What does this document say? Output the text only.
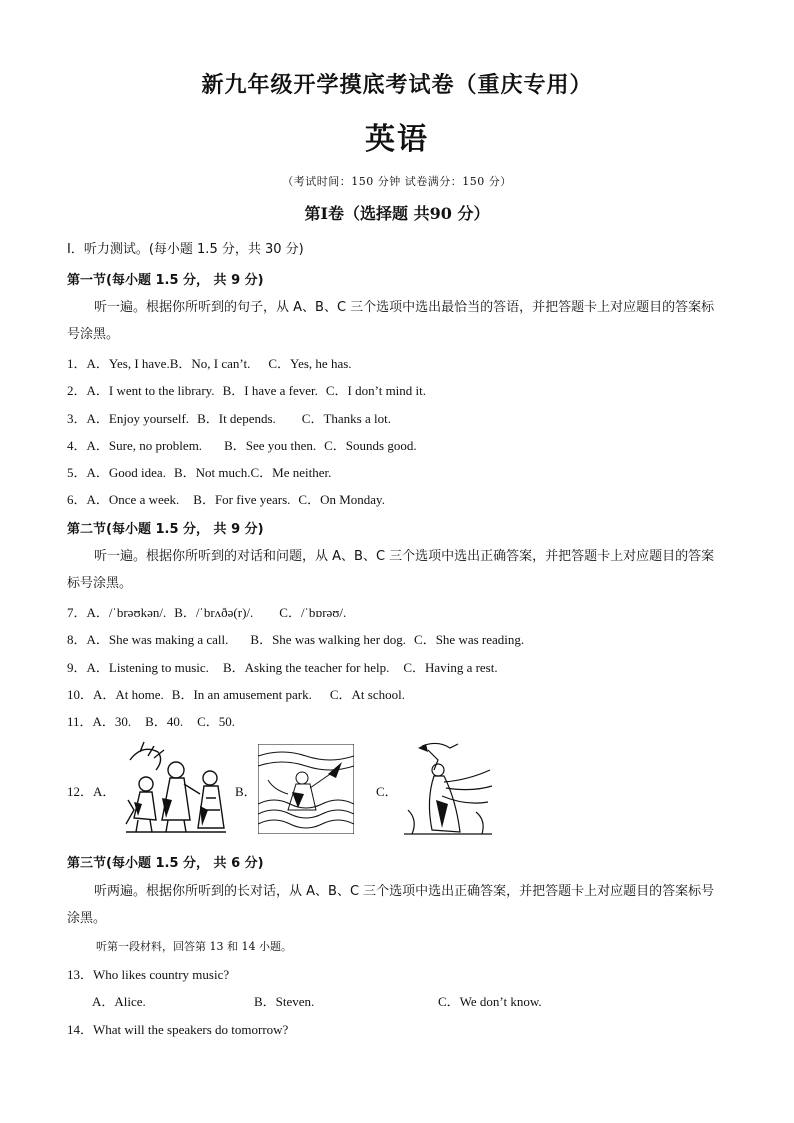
新九年级开学摸底考试卷（重庆专用）
英语
（考试时间：150 分钟 试卷满分：150 分）
第Ⅰ卷（选择题 共90 分）
Ⅰ．听力测试。(每小题 1.5 分，共 30 分)
第一节(每小题 1.5 分， 共 9 分)
听一遍。根据你所听到的句子，从 A、B、C 三个选项中选出最恰当的答语，并把答题卡上对应题目的答案标号涂黑。
1．A．Yes, I have.B．No, I can’t. C．Yes, he has.
2．A．I went to the library. B．I have a fever. C．I don’t mind it.
3．A．Enjoy yourself. B．It depends. C．Thanks a lot.
4．A．Sure, no problem. B．See you then. C．Sounds good.
5．A．Good idea. B．Not much.C．Me neither.
6．A．Once a week. B．For five years. C．On Monday.
第二节(每小题 1.5 分， 共 9 分)
听一遍。根据你所听到的对话和问题，从 A、B、C 三个选项中选出正确答案，并把答题卡上对应题目的答案标号涂黑。
7．A．/ˈbrəʊkən/. B．/ˈbrʌðə(r)/. C．/ˈbɒrəʊ/.
8．A．She was making a call. B．She was walking her dog. C．She was reading.
9．A．Listening to music. B．Asking the teacher for help. C．Having a rest.
10．A．At home. B．In an amusement park. C．At school.
11．A．30. B．40. C．50.
12．A．	B．	C．
第三节(每小题 1.5 分， 共 6 分)
听两遍。根据你所听到的长对话，从 A、B、C 三个选项中选出正确答案，并把答题卡上对应题目的答案标号涂黑。
听第一段材料，回答第 13 和 14 小题。
13．Who likes country music?
A．Alice.	B．Steven.	C．We don’t know.
14．What will the speakers do tomorrow?
